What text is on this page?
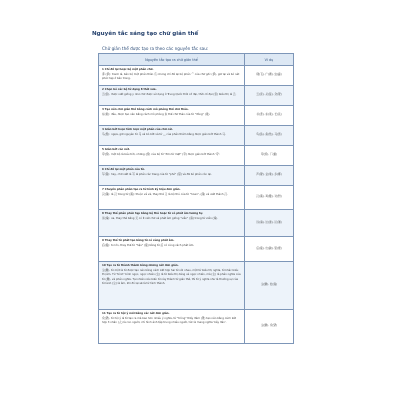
Nguyên tắc sáng tạo chữ giản thể
Chữ giản thể được tạo ra theo các nguyên tắc sau:
Nguyên tắc tạo ra chữ giản thể	Ví dụ

1 Chỉ để lại hoặc bộ một phần chữ.
爭 (爭): tranh là, bên bộ một phần thân 爪 nhưng chỉ để lại bộ phần ⺈ của chữ gốc (爭), giữ lại và bỏ nét phức tạp ở bên trong.	飛(飞), 广(廣), 虫(蟲)

2 Chọn bỏ các bộ từ dạng 8 thời xưa.
云(雲), được viết giống y như chữ được sử dụng ở Trung Quốc thời cổ đại, thời cổ đại (雲) biểu thị là 云.	云(雲), 从(從), 众(眾)

3 Tạo nên chữ giản thể bằng cách mô phỏng thể chữ thảo.
东(東): đầu, được tạo nên bằng cách mô phỏng 东 thể chữ thảo của từ "đông" (東).	书(書), 东(東), 长(長)

4 Giản bớt hoặc tỉnh lược một phần của chữ cái.
马(馬): ngựa, giữ nguyên từ 马 và bỏ bớt và từ 灬 của phần thêm bằng được giản bớt thành 马.	鸟(鳥), 鱼(魚), 马(馬)

5 Giản bớt các nét.
夸(誇), một bộ là bầu trời, những (誇) của bộ từ "đơn từ mặt" (夸) được giản bớt thành '夸'.	夸(誇), 厂(廠)

6 Chỉ để lại một phần của từ.
写(寫): hay, chữ viết là 写 là phần các trang của từ "phó" (寫) và đã bỏ phần còn lại.	声(聲), 业(業), 乡(鄉)

7 Chuyển phần phân tạo ra từ hình ký hiệu đơn giản.
汉(漢): là 汉 trong từ (漢): thuộc về và, thay thế 又 là bộ thủ của từ "hoan", (漢) và viết thành 汉.	汉(漢), 鸡(雞), 对(對)

8 Thay thế phần phức tạp bằng bộ thủ hoặc từ có phát âm tương tự.
远(遠): xa, thay thế bằng 元 có ít nét chữ và phát âm giống "viễn" (遠) trong từ viễn (遠).	远(遠), 达(達), 运(運)

9 Thay thế từ phát tạo bằng từ có cùng phát âm.
后(後): to lớn, thay thế từ "hậu" (後) bằng từ 后 có cùng cách phát âm.	后(後), 出(齣), 里(裡)

10 Tạo ra từ thành thành bằng những nét đơn giản.
尘(塵), từ một là từ được tạo nên bằng cách kết hợp hai từ với nhau, một từ biểu thị nghĩa, từ khác biểu thị âm. Từ "bình" bình ngọc, ngọc nhiên (尘) là từ biểu thị dáng vẻ ngọc nhiên, mà (尘) là phần nghĩa của từ (塵), và phần nghĩa. Tại nhiên nếu biến từ này thành từ giản thể, thì từ ý nghĩa như là thường sự của từ lành (尘) là âm, khi đó lại sẽ là từ hình thành.	尘(塵), 灶(竈)

11 Tạo ra từ hội ý mới bằng các nét đơn giản.
众(眾), từ hội ý là từ tạo ra mà bao hơn nhiều ý nghĩa, từ "trông" thấy đám (眾) tạo nên bằng cách kết hợp 3 nhân (人) là con người, chỉ hình ảnh tập trung nhiều người, tức là mang nghĩa 'bầy đàn'.	尘(塵), 众(眾)
